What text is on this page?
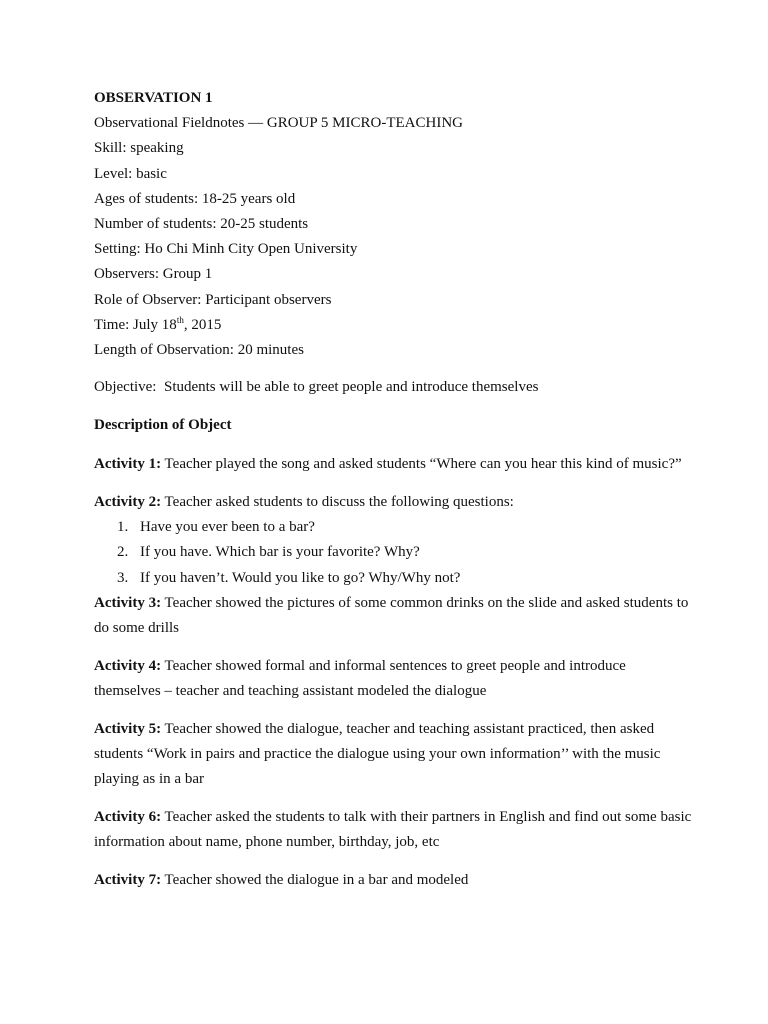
OBSERVATION 1
Observational Fieldnotes — GROUP 5 MICRO-TEACHING
Skill: speaking
Level: basic
Ages of students: 18-25 years old
Number of students: 20-25 students
Setting: Ho Chi Minh City Open University
Observers: Group 1
Role of Observer: Participant observers
Time: July 18th, 2015
Length of Observation: 20 minutes
Objective:  Students will be able to greet people and introduce themselves
Description of Object
Activity 1: Teacher played the song and asked students “Where can you hear this kind of music?”
Activity 2: Teacher asked students to discuss the following questions:
1. Have you ever been to a bar?
2. If you have. Which bar is your favorite? Why?
3. If you haven’t. Would you like to go? Why/Why not?
Activity 3: Teacher showed the pictures of some common drinks on the slide and asked students to do some drills
Activity 4: Teacher showed formal and informal sentences to greet people and introduce themselves – teacher and teaching assistant modeled the dialogue
Activity 5: Teacher showed the dialogue, teacher and teaching assistant practiced, then asked students “Work in pairs and practice the dialogue using your own information’’ with the music playing as in a bar
Activity 6: Teacher asked the students to talk with their partners in English and find out some basic information about name, phone number, birthday, job, etc
Activity 7: Teacher showed the dialogue in a bar and modeled
